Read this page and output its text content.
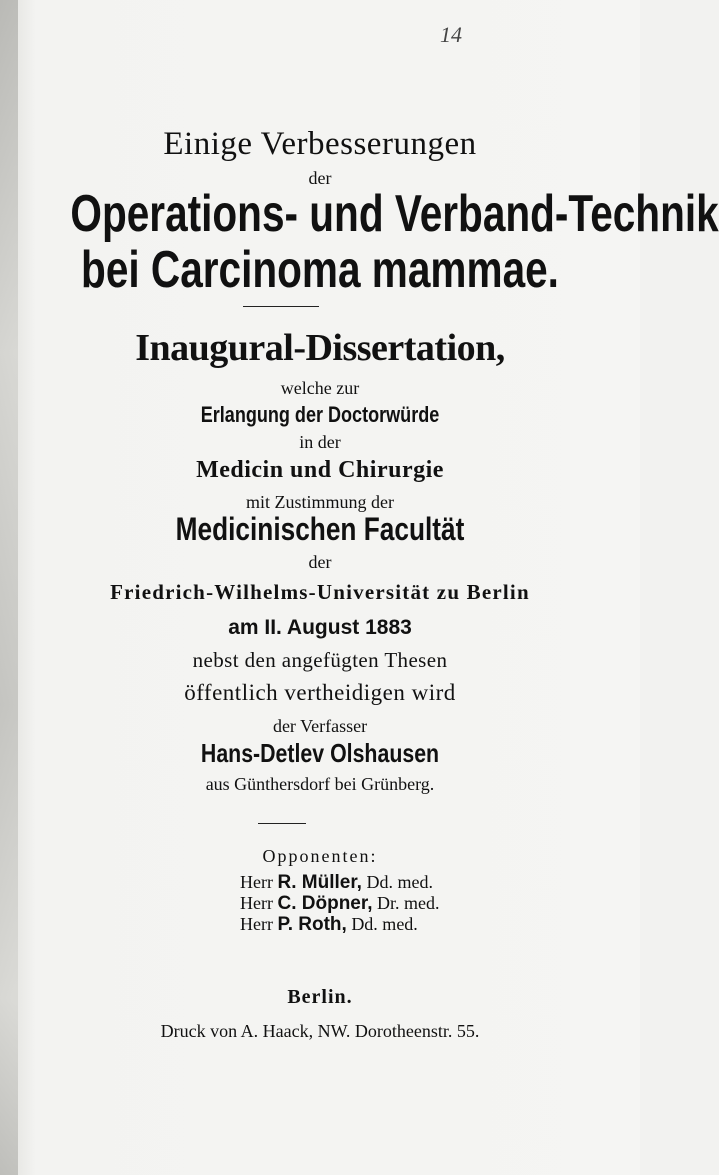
14
Einige Verbesserungen
der
Operations- und Verband-Technik
bei Carcinoma mammae.
Inaugural-Dissertation,
welche zur
Erlangung der Doctorwürde
in der
Medicin und Chirurgie
mit Zustimmung der
Medicinischen Facultät
der
Friedrich-Wilhelms-Universität zu Berlin
am II. August 1883
nebst den angefügten Thesen
öffentlich vertheidigen wird
der Verfasser
Hans-Detlev Olshausen
aus Günthersdorf bei Grünberg.
Opponenten:
Herr R. Müller, Dd. med.
Herr C. Döpner, Dr. med.
Herr P. Roth, Dd. med.
Berlin.
Druck von A. Haack, NW. Dorotheenstr. 55.
